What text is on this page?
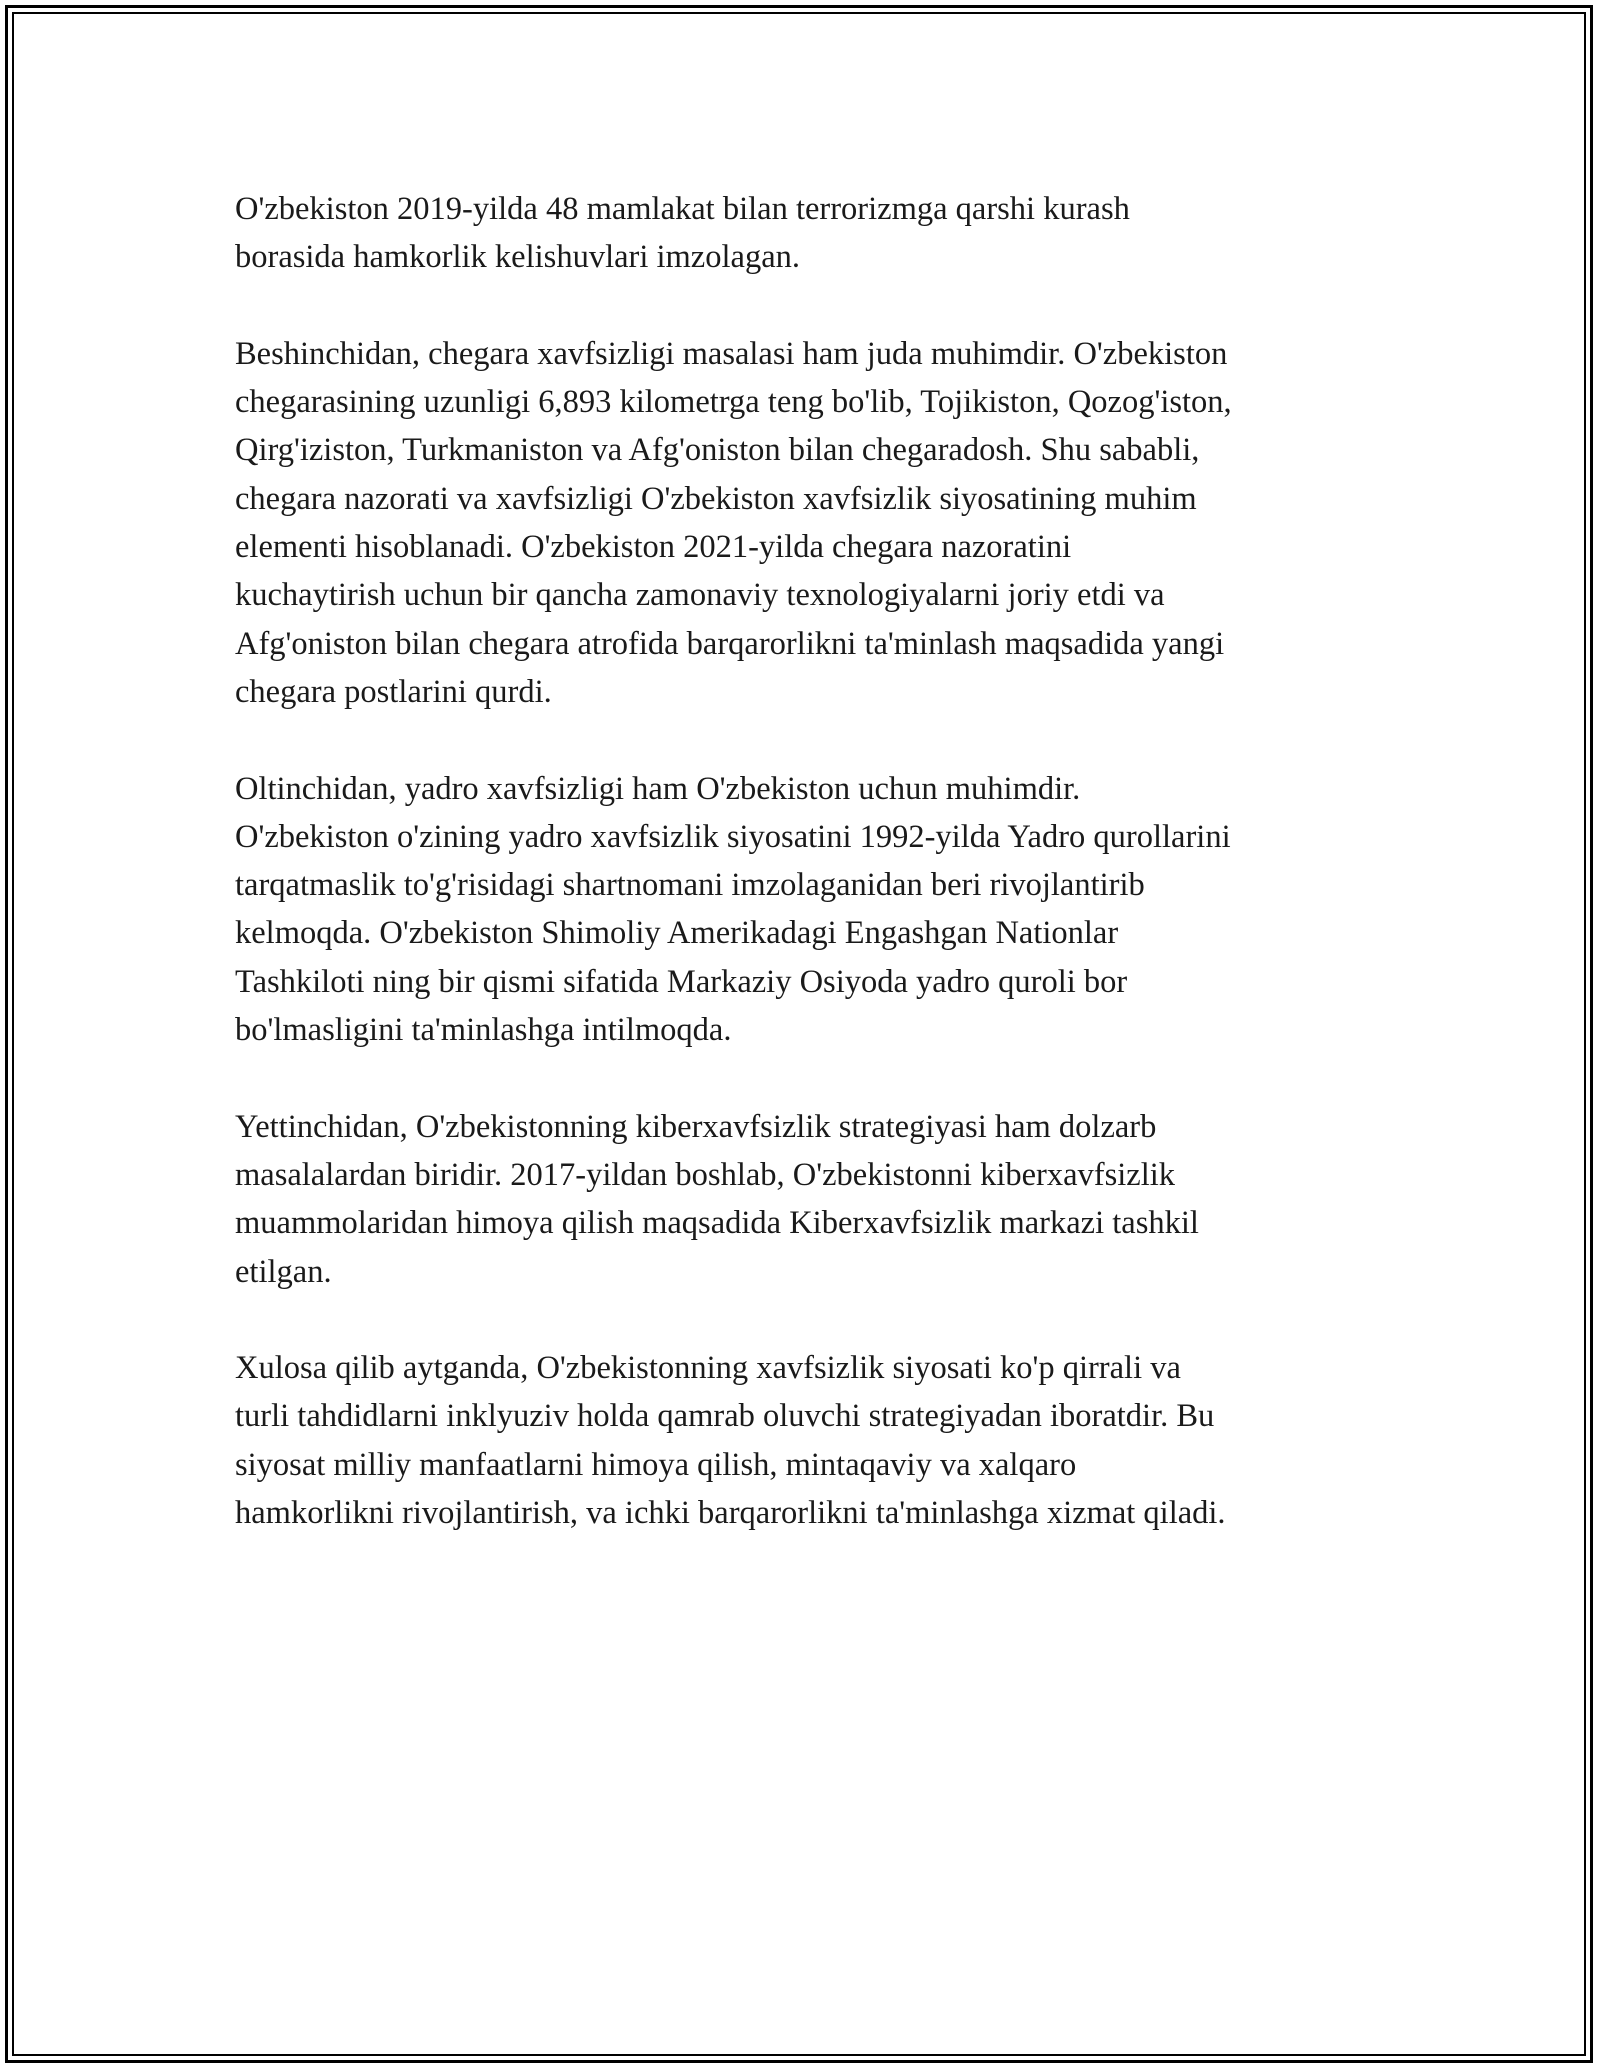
O'zbekiston 2019-yilda 48 mamlakat bilan terrorizmga qarshi kurash
borasida hamkorlik kelishuvlari imzolagan.

Beshinchidan, chegara xavfsizligi masalasi ham juda muhimdir. O'zbekiston
chegarasining uzunligi 6,893 kilometrga teng bo'lib, Tojikiston, Qozog'iston,
Qirg'iziston, Turkmaniston va Afg'oniston bilan chegaradosh. Shu sababli,
chegara nazorati va xavfsizligi O'zbekiston xavfsizlik siyosatining muhim
elementi hisoblanadi. O'zbekiston 2021-yilda chegara nazoratini
kuchaytirish uchun bir qancha zamonaviy texnologiyalarni joriy etdi va
Afg'oniston bilan chegara atrofida barqarorlikni ta'minlash maqsadida yangi
chegara postlarini qurdi.

Oltinchidan, yadro xavfsizligi ham O'zbekiston uchun muhimdir.
O'zbekiston o'zining yadro xavfsizlik siyosatini 1992-yilda Yadro qurollarini
tarqatmaslik to'g'risidagi shartnomani imzolaganidan beri rivojlantirib
kelmoqda. O'zbekiston Shimoliy Amerikadagi Engashgan Nationlar
Tashkiloti ning bir qismi sifatida Markaziy Osiyoda yadro quroli bor
bo'lmasligini ta'minlashga intilmoqda.

Yettinchidan, O'zbekistonning kiberxavfsizlik strategiyasi ham dolzarb
masalalardan biridir. 2017-yildan boshlab, O'zbekistonni kiberxavfsizlik
muammolaridan himoya qilish maqsadida Kiberxavfsizlik markazi tashkil
etilgan.

Xulosa qilib aytganda, O'zbekistonning xavfsizlik siyosati ko'p qirrali va
turli tahdidlarni inklyuziv holda qamrab oluvchi strategiyadan iboratdir. Bu
siyosat milliy manfaatlarni himoya qilish, mintaqaviy va xalqaro
hamkorlikni rivojlantirish, va ichki barqarorlikni ta'minlashga xizmat qiladi.
